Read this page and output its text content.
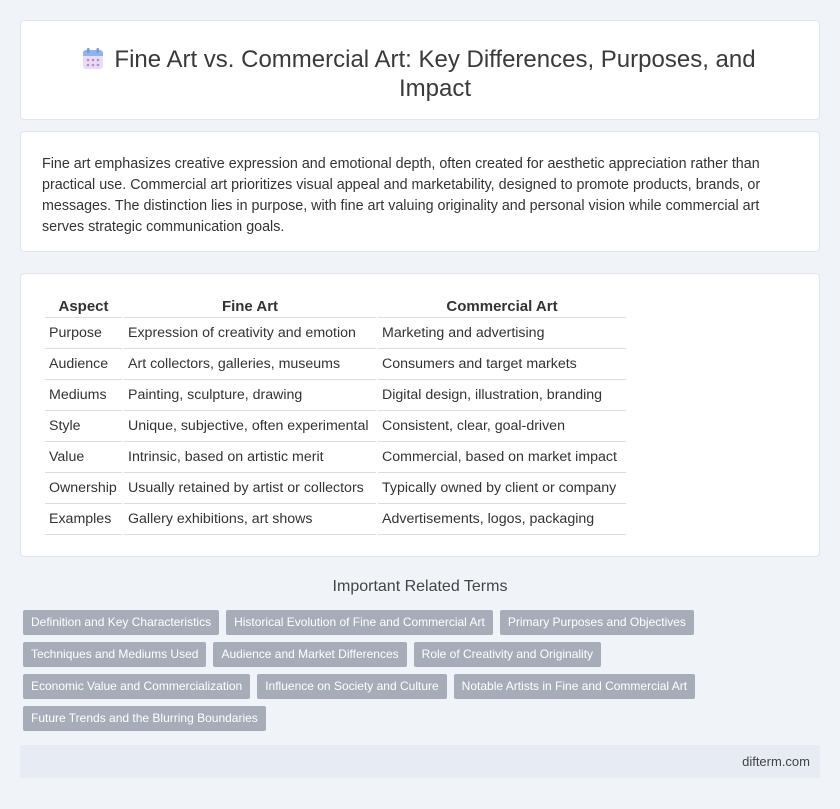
Fine Art vs. Commercial Art: Key Differences, Purposes, and Impact

Fine art emphasizes creative expression and emotional depth, often created for aesthetic appreciation rather than practical use. Commercial art prioritizes visual appeal and marketability, designed to promote products, brands, or messages. The distinction lies in purpose, with fine art valuing originality and personal vision while commercial art serves strategic communication goals.

Aspect	Fine Art	Commercial Art
Purpose	Expression of creativity and emotion	Marketing and advertising
Audience	Art collectors, galleries, museums	Consumers and target markets
Mediums	Painting, sculpture, drawing	Digital design, illustration, branding
Style	Unique, subjective, often experimental	Consistent, clear, goal-driven
Value	Intrinsic, based on artistic merit	Commercial, based on market impact
Ownership	Usually retained by artist or collectors	Typically owned by client or company
Examples	Gallery exhibitions, art shows	Advertisements, logos, packaging
Important Related Terms
Definition and Key Characteristics	Historical Evolution of Fine and Commercial Art	Primary Purposes and Objectives
Techniques and Mediums Used	Audience and Market Differences	Role of Creativity and Originality
Economic Value and Commercialization	Influence on Society and Culture	Notable Artists in Fine and Commercial Art
Future Trends and the Blurring Boundaries
difterm.com
